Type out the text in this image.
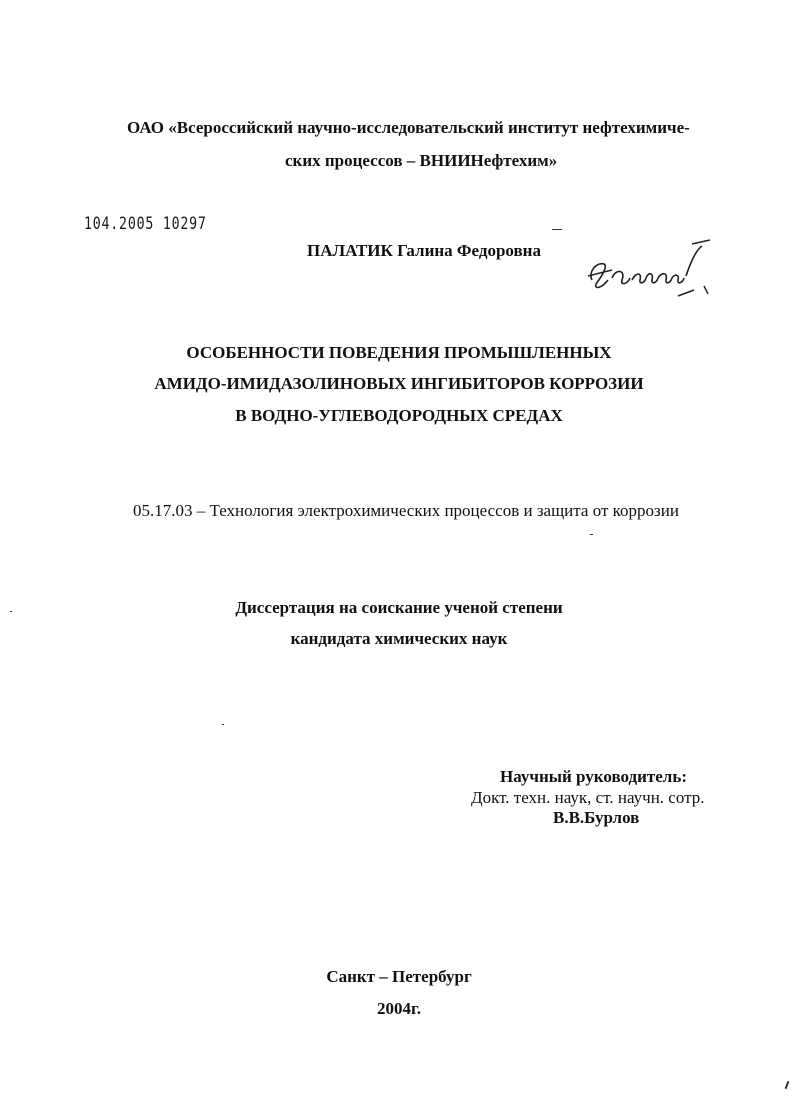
ОАО «Всероссийский научно-исследовательский институт нефтехимиче-
ских процессов – ВНИИНефтехим»
104.2005 10297
ПАЛАТИК Галина Федоровна
ОСОБЕННОСТИ ПОВЕДЕНИЯ ПРОМЫШЛЕННЫХ
АМИДО-ИМИДАЗОЛИНОВЫХ ИНГИБИТОРОВ КОРРОЗИИ
В ВОДНО-УГЛЕВОДОРОДНЫХ СРЕДАХ
05.17.03 – Технология электрохимических процессов и защита от коррозии
Диссертация на соискание ученой степени
кандидата химических наук
Научный руководитель:
Докт. техн. наук, ст. научн. сотр.
В.В.Бурлов
Санкт – Петербург
2004г.
